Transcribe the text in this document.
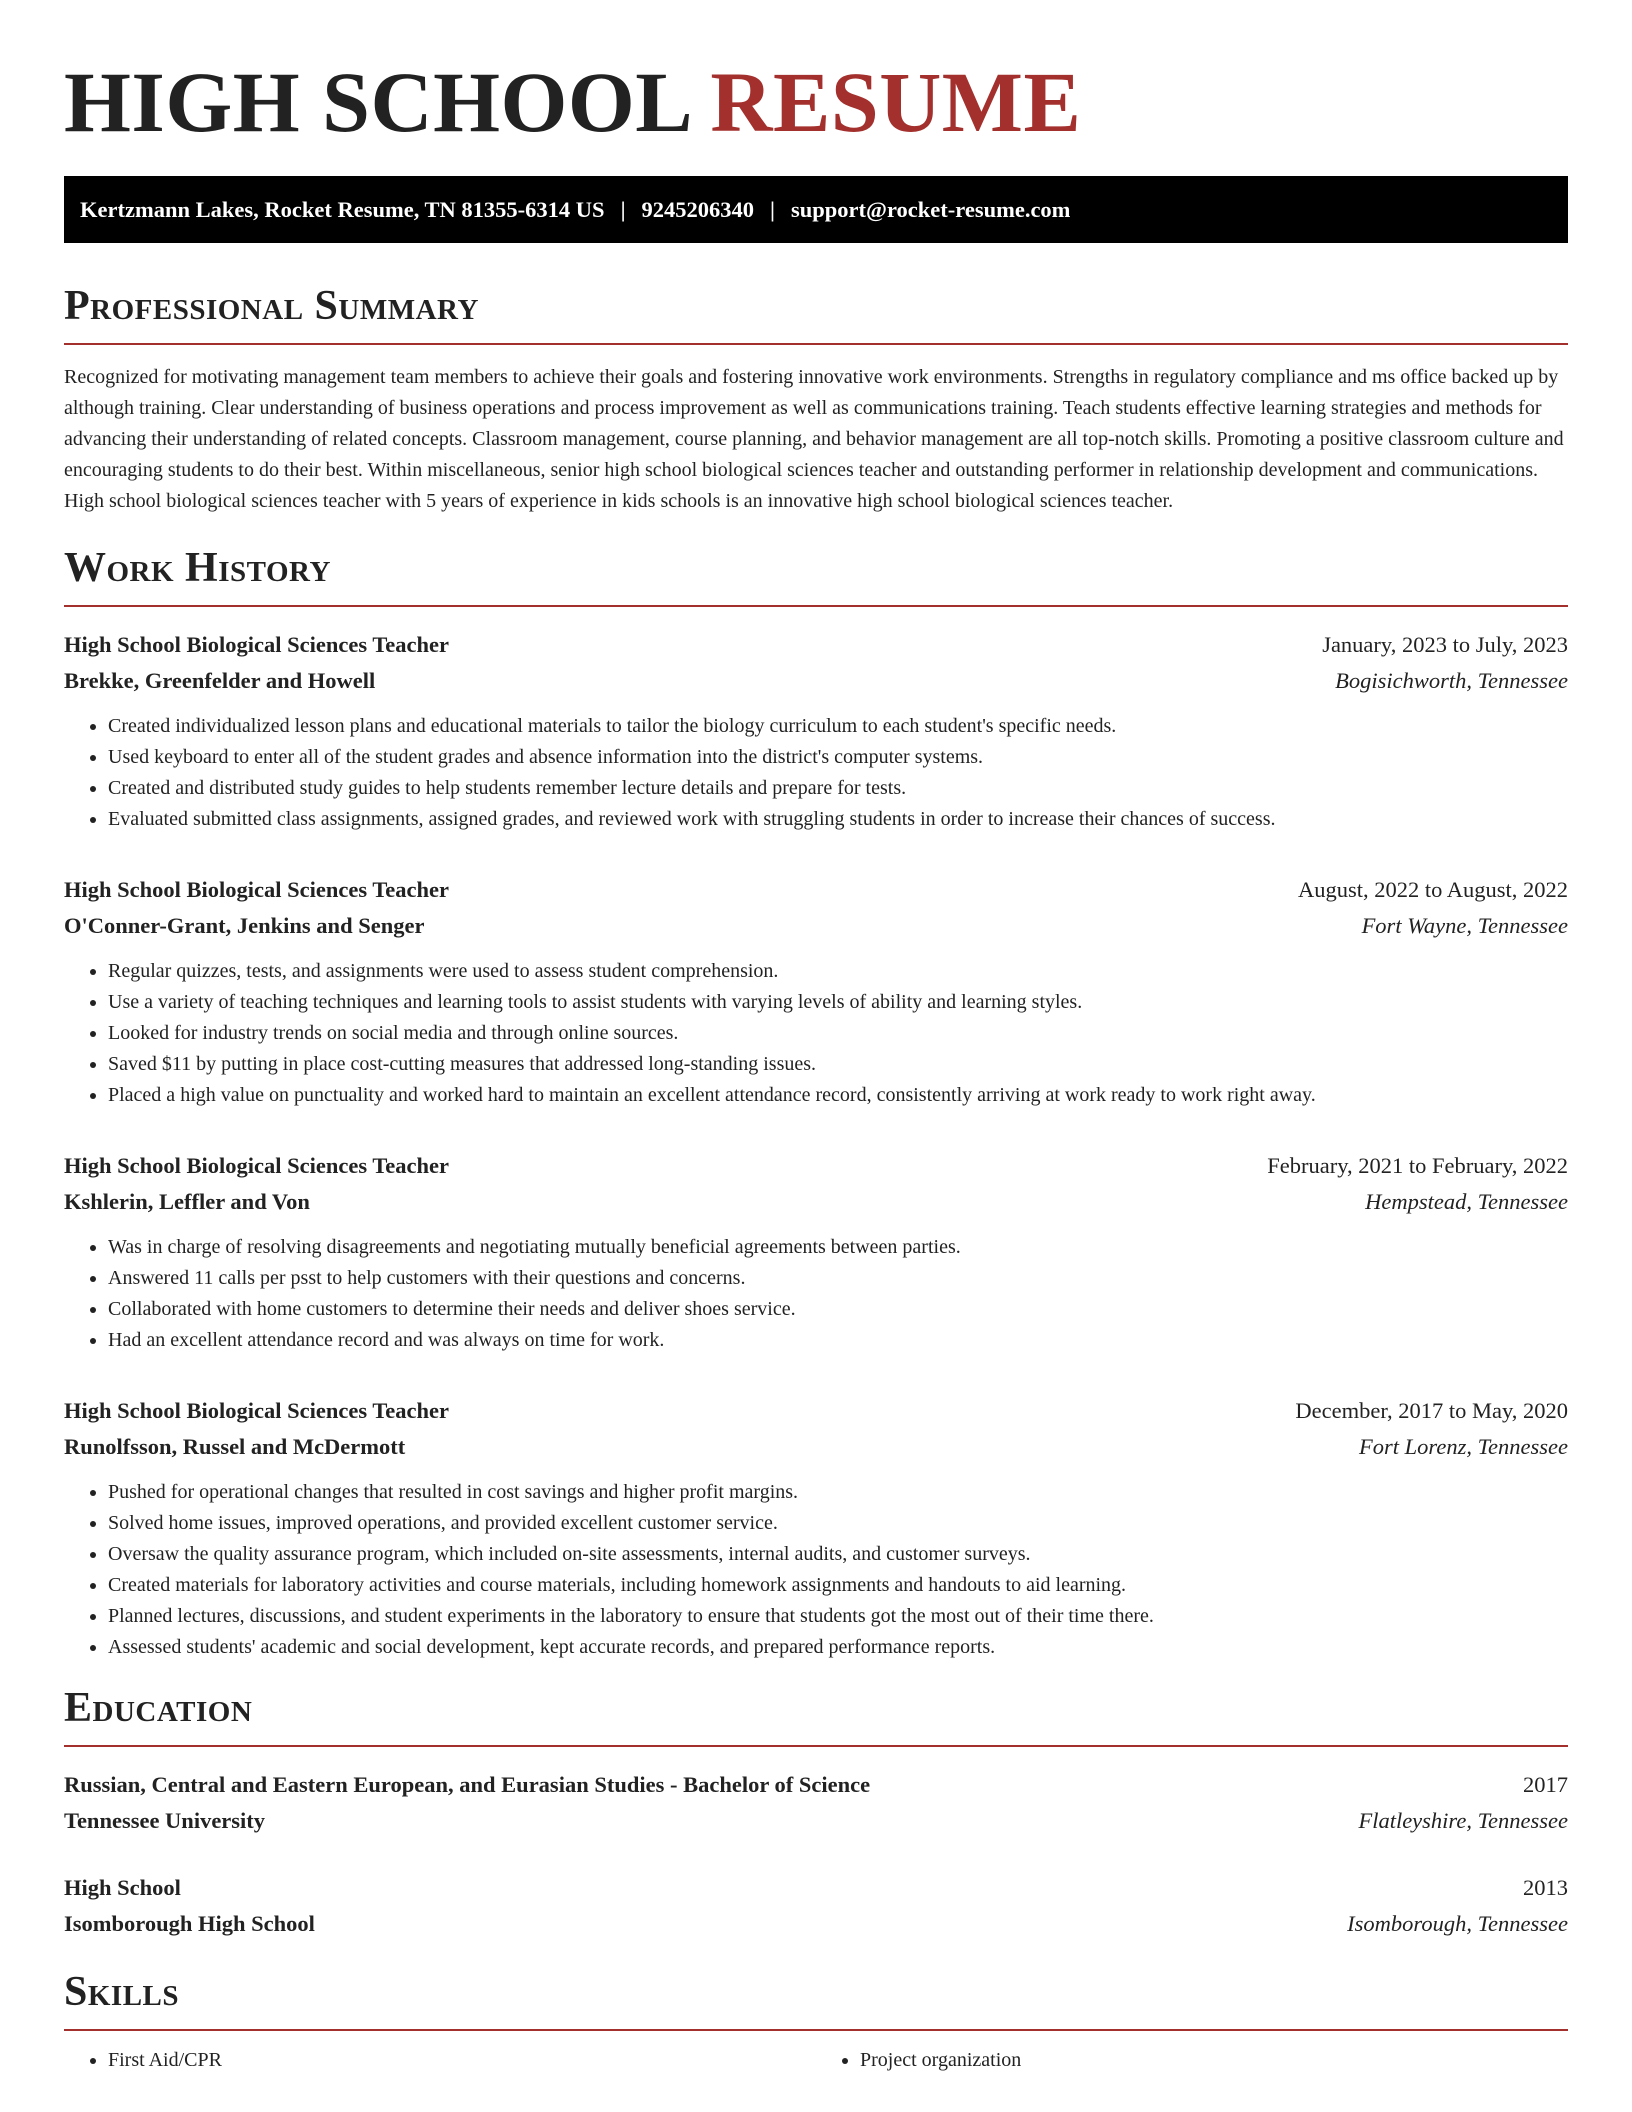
HIGH SCHOOL RESUME
Kertzmann Lakes, Rocket Resume, TN 81355-6314 US | 9245206340 | support@rocket-resume.com
Professional Summary

Recognized for motivating management team members to achieve their goals and fostering innovative work environments. Strengths in regulatory compliance and ms office backed up by although training. Clear understanding of business operations and process improvement as well as communications training. Teach students effective learning strategies and methods for advancing their understanding of related concepts. Classroom management, course planning, and behavior management are all top-notch skills. Promoting a positive classroom culture and encouraging students to do their best. Within miscellaneous, senior high school biological sciences teacher and outstanding performer in relationship development and communications. High school biological sciences teacher with 5 years of experience in kids schools is an innovative high school biological sciences teacher.

Work History
High School Biological Sciences Teacher	January, 2023 to July, 2023
Brekke, Greenfelder and Howell	Bogisichworth, Tennessee
• Created individualized lesson plans and educational materials to tailor the biology curriculum to each student's specific needs.
• Used keyboard to enter all of the student grades and absence information into the district's computer systems.
• Created and distributed study guides to help students remember lecture details and prepare for tests.
• Evaluated submitted class assignments, assigned grades, and reviewed work with struggling students in order to increase their chances of success.
High School Biological Sciences Teacher	August, 2022 to August, 2022
O'Conner-Grant, Jenkins and Senger	Fort Wayne, Tennessee
• Regular quizzes, tests, and assignments were used to assess student comprehension.
• Use a variety of teaching techniques and learning tools to assist students with varying levels of ability and learning styles.
• Looked for industry trends on social media and through online sources.
• Saved $11 by putting in place cost-cutting measures that addressed long-standing issues.
• Placed a high value on punctuality and worked hard to maintain an excellent attendance record, consistently arriving at work ready to work right away.
High School Biological Sciences Teacher	February, 2021 to February, 2022
Kshlerin, Leffler and Von	Hempstead, Tennessee
• Was in charge of resolving disagreements and negotiating mutually beneficial agreements between parties.
• Answered 11 calls per psst to help customers with their questions and concerns.
• Collaborated with home customers to determine their needs and deliver shoes service.
• Had an excellent attendance record and was always on time for work.
High School Biological Sciences Teacher	December, 2017 to May, 2020
Runolfsson, Russel and McDermott	Fort Lorenz, Tennessee
• Pushed for operational changes that resulted in cost savings and higher profit margins.
• Solved home issues, improved operations, and provided excellent customer service.
• Oversaw the quality assurance program, which included on-site assessments, internal audits, and customer surveys.
• Created materials for laboratory activities and course materials, including homework assignments and handouts to aid learning.
• Planned lectures, discussions, and student experiments in the laboratory to ensure that students got the most out of their time there.
• Assessed students' academic and social development, kept accurate records, and prepared performance reports.
Education
Russian, Central and Eastern European, and Eurasian Studies - Bachelor of Science	2017
Tennessee University	Flatleyshire, Tennessee
High School	2013
Isomborough High School	Isomborough, Tennessee
Skills
• First Aid/CPR
•	Project organization
